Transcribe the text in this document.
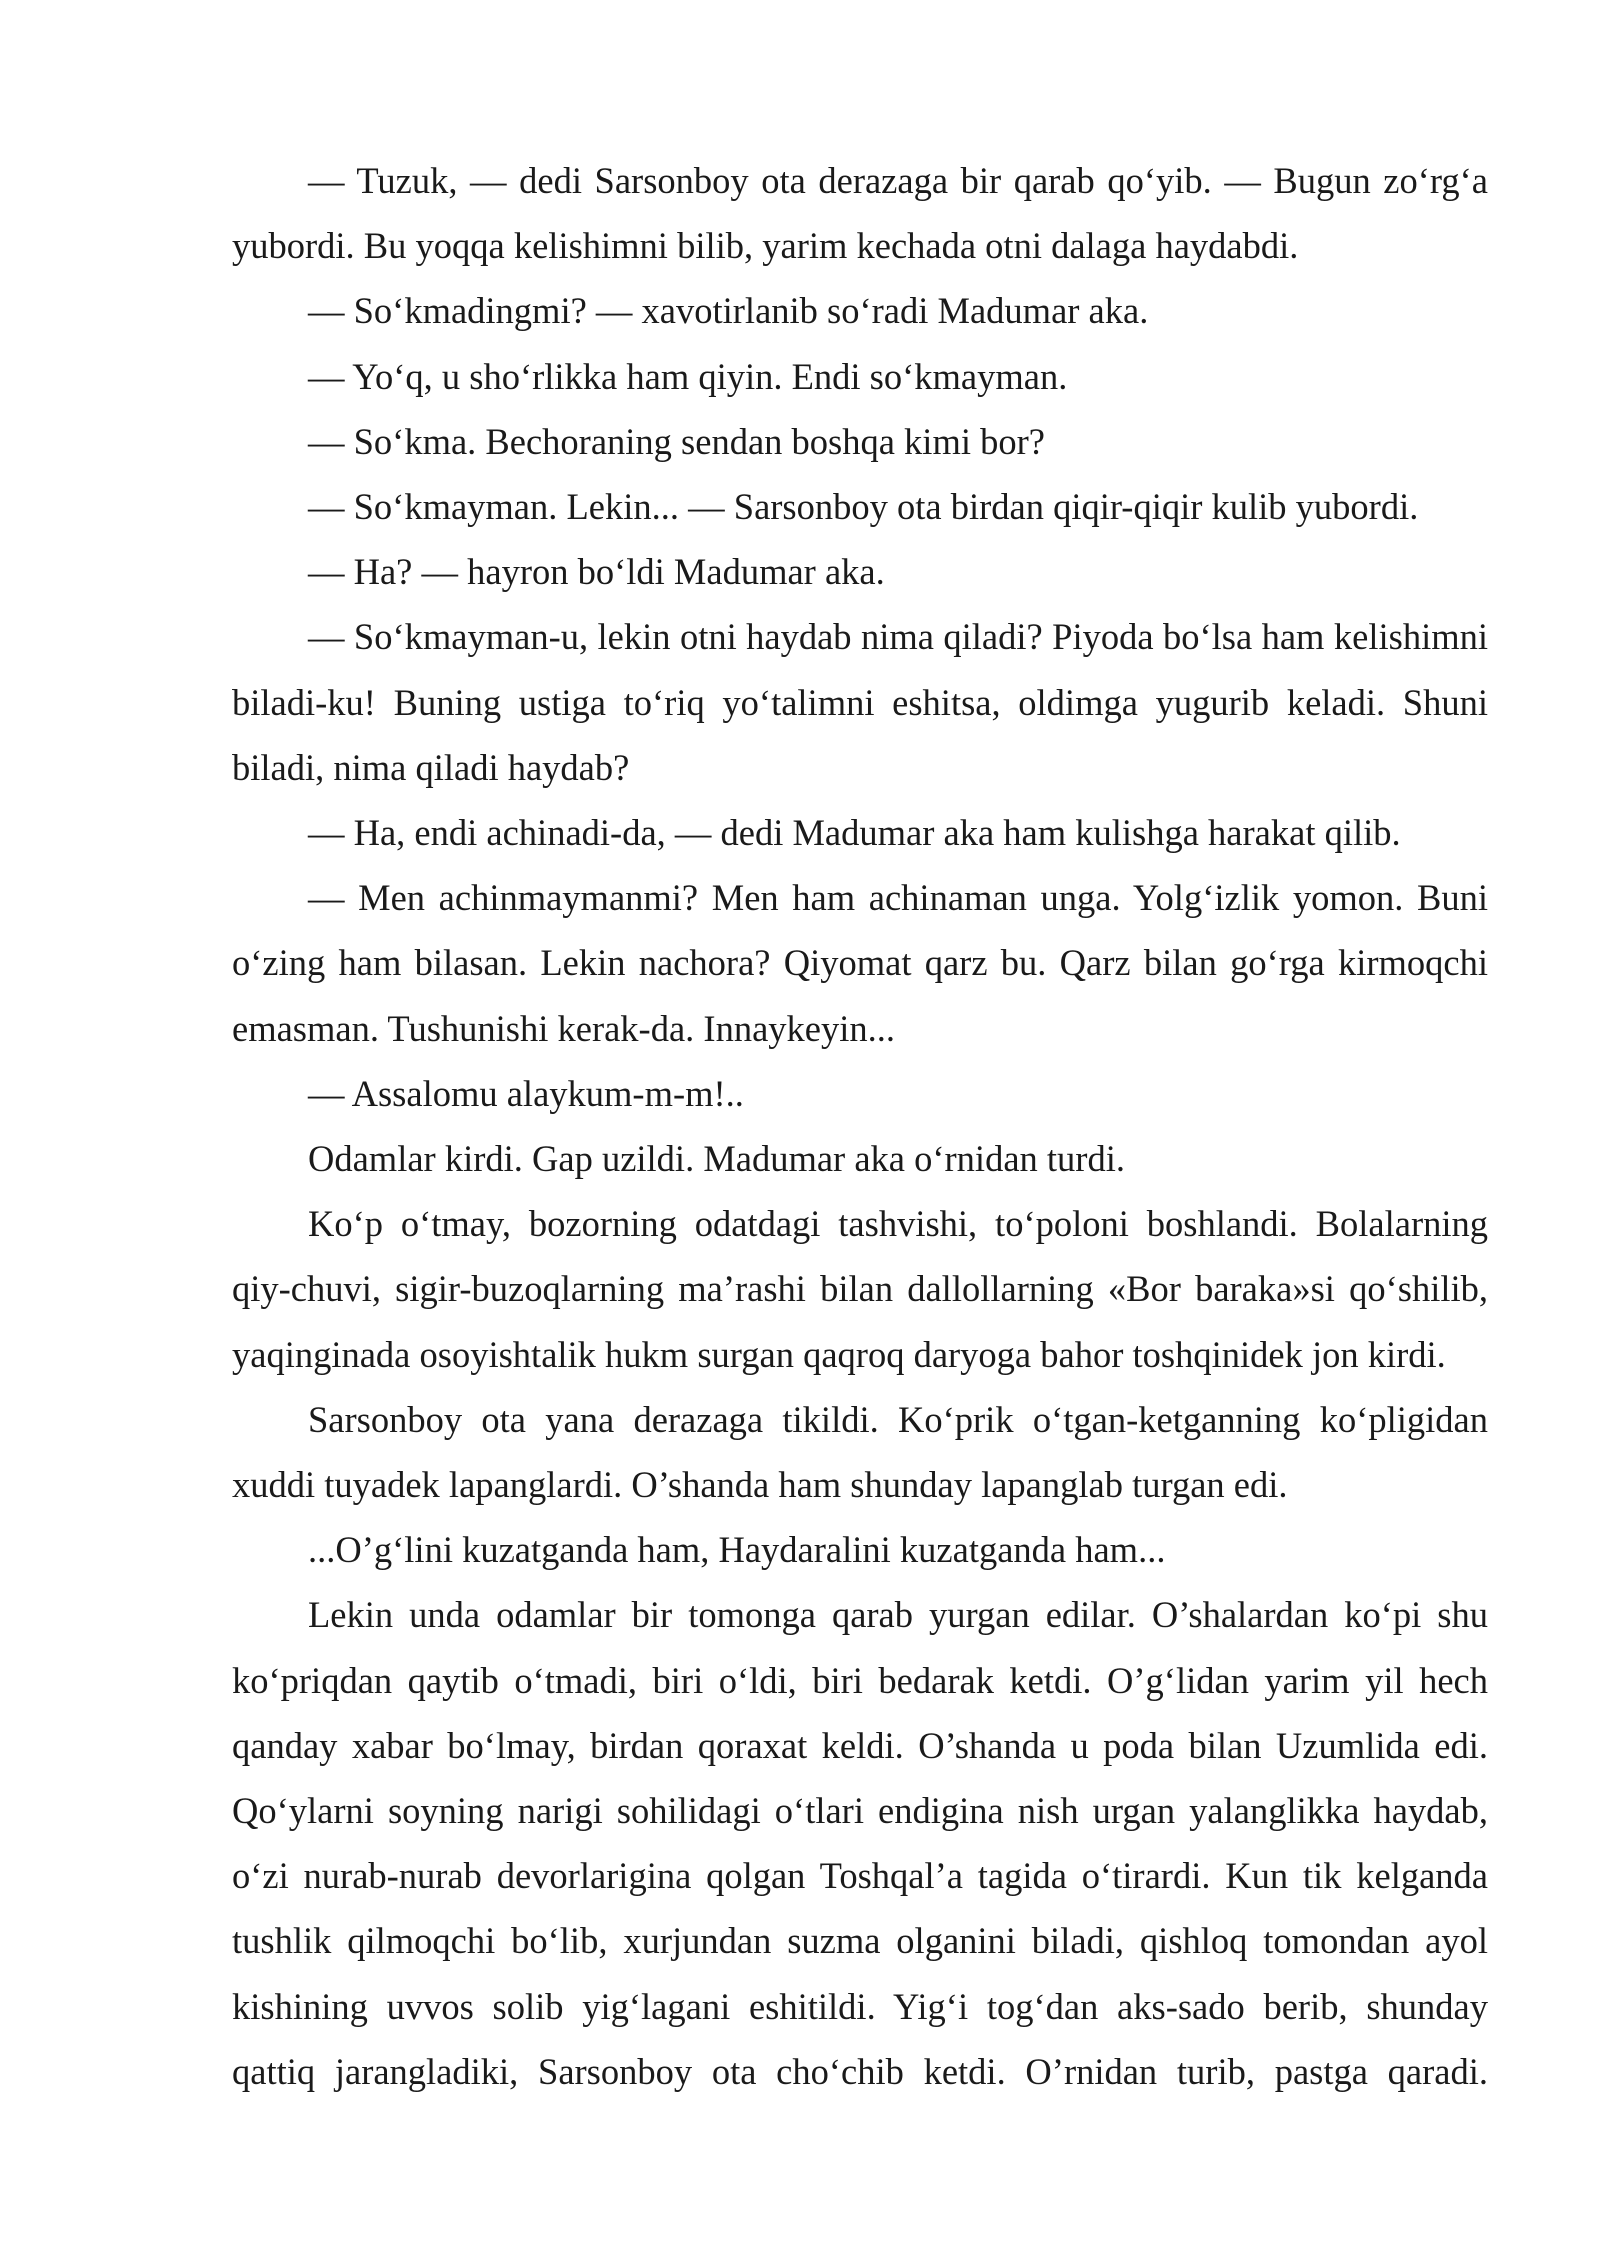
— Tuzuk, — dedi Sarsonboy ota derazaga bir qarab qo‘yib. — Bugun zo‘rg‘a yubordi. Bu yoqqa kelishimni bilib, yarim kechada otni dalaga haydabdi.

— So‘kmadingmi? — xavotirlanib so‘radi Madumar aka.

— Yo‘q, u sho‘rlikka ham qiyin. Endi so‘kmayman.

— So‘kma. Bechoraning sendan boshqa kimi bor?

— So‘kmayman. Lekin... — Sarsonboy ota birdan qiqir-qiqir kulib yubordi.

— Ha? — hayron bo‘ldi Madumar aka.

— So‘kmayman-u, lekin otni haydab nima qiladi? Piyoda bo‘lsa ham kelishimni biladi-ku! Buning ustiga to‘riq yo‘talimni eshitsa, oldimga yugurib keladi. Shuni biladi, nima qiladi haydab?

— Ha, endi achinadi-da, — dedi Madumar aka ham kulishga harakat qilib.

— Men achinmaymanmi? Men ham achinaman unga. Yolg‘izlik yomon. Buni o‘zing ham bilasan. Lekin nachora? Qiyomat qarz bu. Qarz bilan go‘rga kirmoqchi emasman. Tushunishi kerak-da. Innaykeyin...

— Assalomu alaykum-m-m!..

Odamlar kirdi. Gap uzildi. Madumar aka o‘rnidan turdi.

Ko‘p o‘tmay, bozorning odatdagi tashvishi, to‘poloni boshlandi. Bolalarning qiy-chuvi, sigir-buzoqlarning ma’rashi bilan dallollarning «Bor baraka»si qo‘shilib, yaqinginada osoyishtalik hukm surgan qaqroq daryoga bahor toshqinidek jon kirdi.

Sarsonboy ota yana derazaga tikildi. Ko‘prik o‘tgan-ketganning ko‘pligidan xuddi tuyadek lapanglardi. O’shanda ham shunday lapanglab turgan edi.

...O’g‘lini kuzatganda ham, Haydaralini kuzatganda ham...

Lekin unda odamlar bir tomonga qarab yurgan edilar. O’shalardan ko‘pi shu ko‘priqdan qaytib o‘tmadi, biri o‘ldi, biri bedarak ketdi. O’g‘lidan yarim yil hech qanday xabar bo‘lmay, birdan qoraxat keldi. O’shanda u poda bilan Uzumlida edi. Qo‘ylarni soyning narigi sohilidagi o‘tlari endigina nish urgan yalanglikka haydab, o‘zi nurab-nurab devorlarigina qolgan Toshqal’a tagida o‘tirardi. Kun tik kelganda tushlik qilmoqchi bo‘lib, xurjundan suzma olganini biladi, qishloq tomondan ayol kishining uvvos solib yig‘lagani eshitildi. Yig‘i tog‘dan aks-sado berib, shunday qattiq jarangladiki, Sarsonboy ota cho‘chib ketdi. O’rnidan turib, pastga qaradi.
